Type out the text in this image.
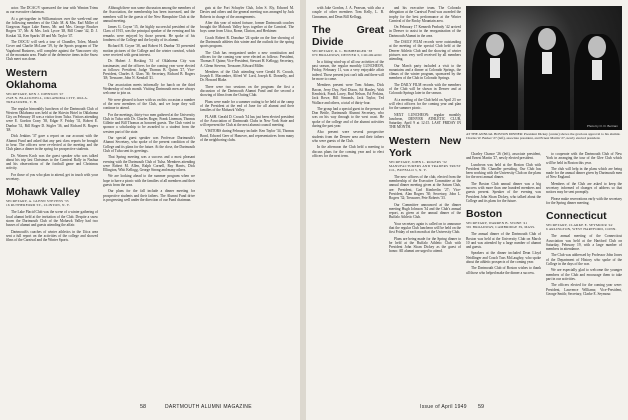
actor. The DCAC/V sponsored the tour with Wanton Trims as our executive chairman.

At a get-together in Williamstown over the week-end one the following members of the Club: M. & Mrs. Earl Miller of Gorgeous Sugar Lake Farms, Mr. and Mrs. George Brucker Rogers '37, Mr. & Mrs. Jack Lycoe '48, Bill Crane '42, D. J. Koskat '42, Ken Sparks '48 and Mr. Taylor '47.

The DOC/U will seek a tour of Chandler, Tolen, Mauch Cover and Charlie McLane '39, by the Sports program of The Vagabond Business, will complete against the Vancouver city of the mountain area. Finale of the defensive items in the Snow Club meet was done.

Western Oklahoma
SECRETARY, KEN J. JOHNSON '47
2528 N. BLACKWELL, OKLAHOMA CITY, OKLA.
TREASURER, T. H.

The regular bimonthly luncheon of the Dartmouth Club of Western Oklahoma was held at the Skirvin Hotel in Oklahoma City on February 18 was a visitor from Tulsa. Visitors attending were E. Gordon Crary '38, Edgar F. Friday '31, Robert E. Dunbar '31, Bill Roger D. Stigler '36, and Richard B. Rogers '48.

Dick Jenkins '37 gave a report on our account with the Alumni Fund and asked that any past class reports be brought to bear. The officers were re-elected at the meeting and the Club plans a dinner in the spring for prospective students.

Dr. Warren Koch was the guest speaker who was talked about his trip last Christmas to the Carnival Rally in Nashua and his observations of the football game and Christmas activity.

For those of you who plan to attend, get in touch with your secretary.

Mohawk Valley
SECRETARY, A. GLENN STEVENS '35
16 RUTHERFORD ST., CLINTON, N. Y.

The Lake Placid Club was the scene of a winter gathering of local alumni held at the invitation of the Club. Despite a snow storm the Dartmouth Club of the Mohawk Valley had two busses of alumni and guests attending the affair.

Dartmouth's coaches of winter athletics in the Utica area sent a full report on the activities of the college and showed films of the Carnival and the Winter Sports.

Although there was some discussion among the members of the Association, the membership has been increased, and the members will be the guests of the New Hampshire Club at the annual meeting.

James G. Coyne '15, the highly successful president of the Class of 1915, was the principal speaker of the evening and his remarks were enjoyed by those present. He spoke of his fondness of the College and the loyalty of its alumni.

Richard B. Coyne '38, and Robert H. Dunbar '35 presented motion pictures of the College and the winter carnival, which were received with great interest.

Dr. Hubert J. Hosking '31 of Oklahoma City was toastmaster, and the officers for the coming year were elected as follows: President, Judge Thomas B. Quinn '27, Vice-President, Charles A. Glass '36; Secretary, Richard B. Rogers '48; Treasurer, John N. Kendall '41.

Our association meets informally for lunch on the third Wednesday of each month. Visiting Dartmouth men are always welcome to join us.

We were pleased to have with us on this occasion a number of the new members of the Club, and we hope they will continue to attend.

For the meetings, thirty-two men gathered at the University Club in Tulsa with Dr. Charles Roger, Frank Lineman, Thomas Gillette and Bill Thomas as honored guests. The Club voted to sponsor a scholarship to be awarded to a student from the western part of the state.

Our special guest speaker was Professor Dartmouth's Alumni Secretary, who spoke of the present condition of the College and its plans for the future. At the close, the Dartmouth Club of Tulsa sent its greetings.

That Spring meeting was a success and a most pleasant evening with the Dartmouth Club of Tulsa. Members attending were Robert M. Allen, Ralph Cornell, Ray Harris, Dick Ellington, Whit Kellogg, George Strong and many others.

We are looking ahead to the summer program when we hope to have a picnic with the families of all members and their guests from the area.

Our plans for the fall include a dinner meeting for prospective students and their fathers. The Alumni Fund drive is progressing well under the direction of our Fund chairman.

guts at the Fort Schuyler Club, John S. Ely, Edward M. Davies and others and the general meeting was arranged by Jack Roberts in charge of the arrangements.

After this year of mixed fortune, former Dartmouth coaches brought the Mohawk Valley boys together at the Carnival. The boys came from Utica, Rome, Clinton, and Herkimer.

Coach Robert R. Donahue '24 spoke on the fine showing of the Dartmouth athletes this winter and the outlook for the spring sports program.

The Club has reorganized under a new constitution and officers for the coming year were elected as follows: President, Thomas F. Quinn; Vice-President, Stewart H. Kellogg; Secretary, A. Glenn Stevens; Treasurer, Edward Miller.

Members of the Club attending were Gerald B. Crouch, Joseph E. Macomber, Alfred W. Lord, Joseph K. Donnelly, and Dr. Howard Blake.

There were two sessions on the program: the first a discussion of the Dartmouth Alumni Fund and the second a showing of films from the Outing Club.

Plans were made for a summer outing to be held at the camp of the President at the end of June for all alumni and their families of the Mohawk Valley.

FLASH. Gerald D. Crouch '34 has just been elected president of the Association of Dartmouth Clubs in New York State and will represent the Club at the next alumni council meeting.

VISITORS during February include: Ken Taylor '34, Thomas Bond, Edward Geer of Hanover, and representatives from many of the neighboring clubs.

58	DARTMOUTH ALUMNI MAGAZINE

with Jake Gordon, J. A. Pearson, with also a couple of other members Tom Kelly, L. B. Cinnamon, and Dean Bill Kellogg.

The Great Divide
SECRETARY, R. L. BOMBERGER '38
970 BROADWAY, DENVER 3, COLORADO

In a fitting wind-up of all our activities of the past season, the regular monthly LUNCHEON, Friday, February 11, was a very enjoyable affair indeed. Those present just can't talk and there will be more to come.

Members present were Tom Adams, Dick Bacon, Jerry Day, Ned Dixon, Ed Hanley, Walt Kendrick, Frank Lacey, Bud Nelson, Ed Perkins, Jack Rowe, Bill Simonds, Jack Taylor, Ted Wallace and others, a total of thirty-four.

The group had a special guest in the person of Don Bettle, Dartmouth Alumni Secretary, who was on his way through to the west coast. He spoke of the college and of the alumni activities during the past year.

Also present were several prospective students from the Denver area and their fathers who were guests of the Club.

In the afternoon the Club held a meeting to discuss plans for the coming year and to elect officers for the next term.

and his executive team. The Colorado delegation at the Carnival Pond was awarded the trophy for the best performance at the Winter Carnival of the Rocky Mountain area.

On February 17 Kenneth Peabody '42 arrived in Denver to assist in the reorganization of the Dartmouth Alumni in the area.

The DAILY FILM records were outstanding at the meeting of the special Club held at the Denver Athletic Club and the showing of winter pictures was very well received by all members attending.

Our March party included a visit to the mountains and a dinner at Colorado Springs, the climax of the winter program, sponsored by the members of the Club in Colorado Springs.

The DAILY FILM records with the members of the Club will be shown in Denver and at Colorado Springs later in the season.

At a meeting of the Club held on April 23 we will elect officers for the coming year and plan for the summer picnic.

NEXT LUNCHEON: regular monthly luncheon, DENVER ATHLETIC CLUB, Saturday, April 9 at 12:15. LAST FRIDAY IN THE MONTH.

Western New York
SECRETARY, JOHN L. ROGERS '32
MANUFACTURERS AND TRADERS TRUST CO., BUFFALO 3, N. Y.

The new officers of the club, elected from the membership of the Executive Committee at the annual dinner meeting given at the Saturn Club, are: President, Carl Kimberlin '27; Vice-President, Alan Rogers '30; Secretary, John L. Rogers '32; Treasurer, Pete Roberts '33.

Our Committee announced at the dinner meeting Hugh Johnson '34 and the Club's annual report, as given at the annual dinner of the Buffalo Athletic Club.

Your secretary again is called on to announce that the regular Club luncheon will be held on the first Friday of each month at the University Club.

Plans are being made for the Spring dinner to be held at the Buffalo Athletic Club with President John Sloan Dickey as the guest of honor. All alumni are urged to attend.

Photo by O. D. Bertram
AT THE ANNUAL BOSTON DINNER: President Dickey (center) shows the gracious approval to his alumni. Charles W. Barker '27 (left), associate president, and Ernest Martin '27, newly elected president.

Charley Chance '26 (left), associate president, and Ernest Martin '27, newly elected president.

Luncheon was held at the Boston Club with President Mr. Chandler presiding. Our Club has been working with the University Club on the plans for the next annual dinner.

The Boston Club annual dinner was a big success with more than one hundred members and guests present. Speaker of the evening was President John Sloan Dickey, who talked about the College and its plans for the future.

Boston
SECRETARY, WARREN B. STONE '41
391 BROADWAY, CAMBRIDGE 39, MASS.

The annual dinner of the Dartmouth Club of Boston was held at the University Club on March 10 and was attended by a large number of alumni and guests.

Speakers at the dinner included Dean Lloyd Neidlinger and Coach Tuss McLaughry, who spoke about the athletic prospects of the coming year.

The Dartmouth Club of Boston wishes to thank all those who helped make the dinner a success.

to cooperate with the Dartmouth Club of New York in arranging the tour of the Glee Club which will be held in Boston this year.

The club will help in the plans which are being made for the annual dinner given by Dartmouth men of New England.

Members of the Club are asked to keep the secretary informed of changes of address so that notices may be sent promptly.

Please make reservations early with the secretary for the Spring dinner meeting.

Connecticut
SECRETARY, CLARKE E. SEYMOUR '42
6 ARLINGTON, WEST HARTFORD, CONN.

The annual meeting of the Connecticut Association was held at the Hartford Club on Saturday, February 19, with a large number of members in attendance.

The Club was addressed by Professor John Jones of the Department of History who spoke of the College in the days of the war.

We are especially glad to welcome the younger members of the Club and encourage them to take part in our activities.

The officers elected for the coming year were: President, Lawrence Williams; Vice-President, George Smith; Secretary, Clarke E. Seymour.

Issue of April 1949 59
